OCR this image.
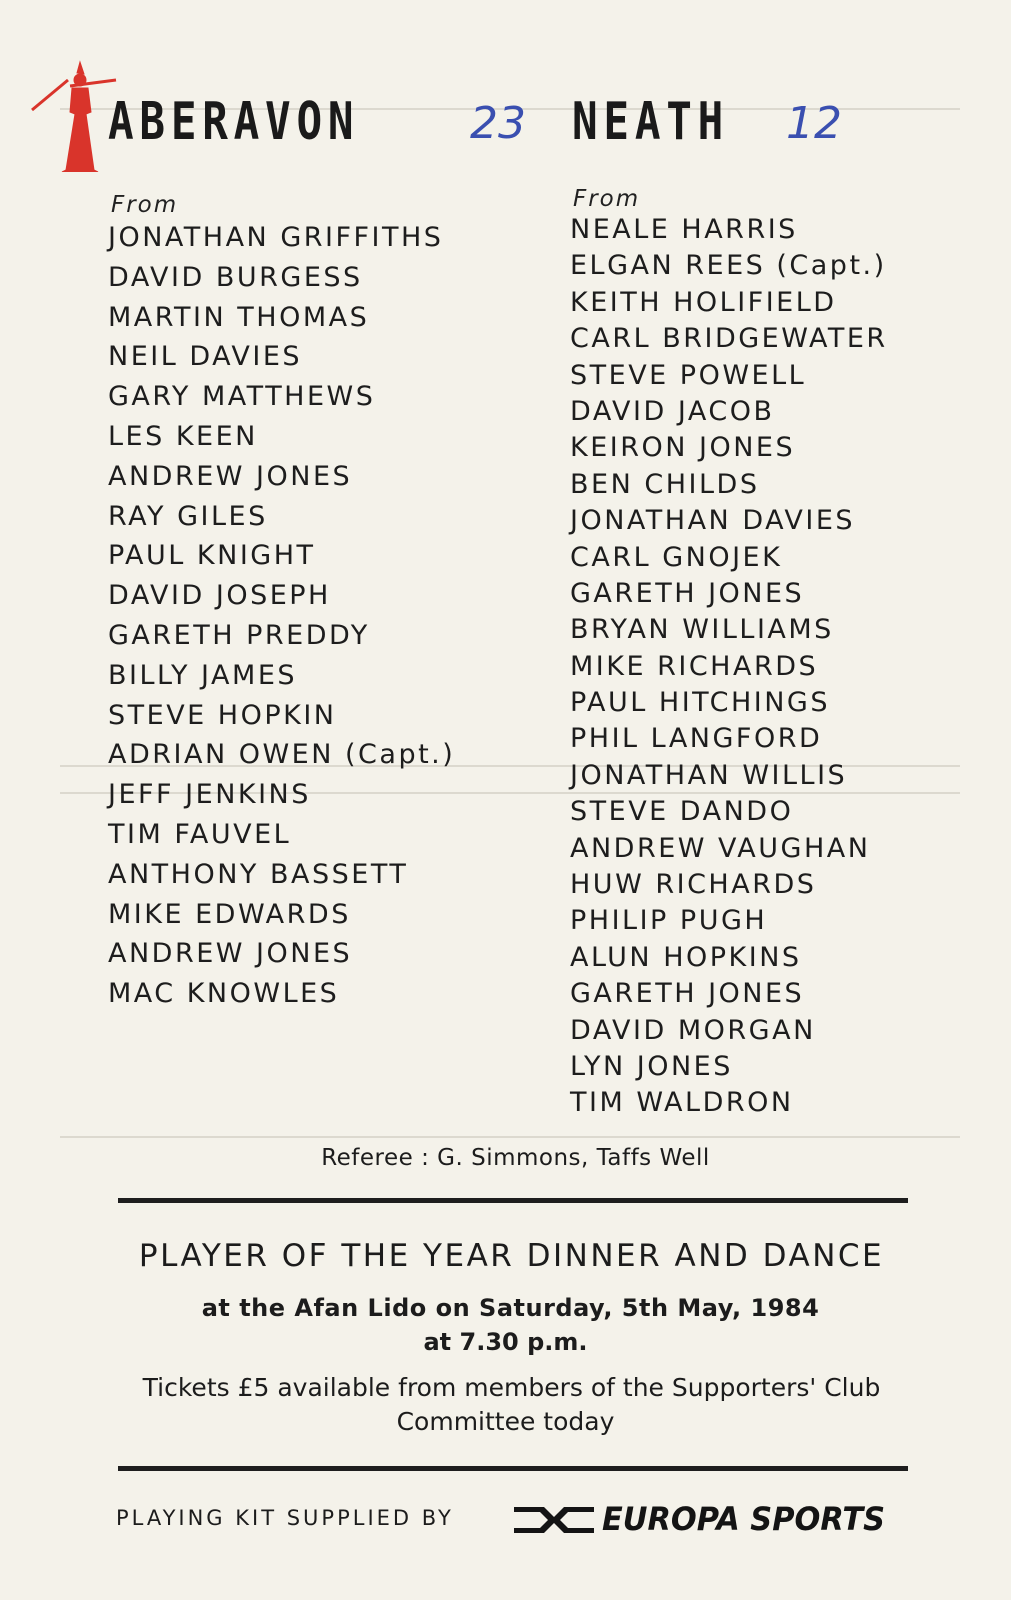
ABERAVON	23 NEATH 12
From
JONATHAN GRIFFITHS
DAVID BURGESS
MARTIN THOMAS
NEIL DAVIES
GARY MATTHEWS
LES KEEN
ANDREW JONES
RAY GILES
PAUL KNIGHT
DAVID JOSEPH
GARETH PREDDY
BILLY JAMES
STEVE HOPKIN
ADRIAN OWEN (Capt.)
JEFF JENKINS
TIM FAUVEL
ANTHONY BASSETT
MIKE EDWARDS
ANDREW JONES
MAC KNOWLES
From
NEALE HARRIS
ELGAN REES (Capt.)
KEITH HOLIFIELD
CARL BRIDGEWATER
STEVE POWELL
DAVID JACOB
KEIRON JONES
BEN CHILDS
JONATHAN DAVIES
CARL GNOJEK
GARETH JONES
BRYAN WILLIAMS
MIKE RICHARDS
PAUL HITCHINGS
PHIL LANGFORD
JONATHAN WILLIS
STEVE DANDO
ANDREW VAUGHAN
HUW RICHARDS
PHILIP PUGH
ALUN HOPKINS
GARETH JONES
DAVID MORGAN
LYN JONES
TIM WALDRON
Referee : G. Simmons, Taffs Well
PLAYER OF THE YEAR DINNER AND DANCE
at the Afan Lido on Saturday, 5th May, 1984
at 7.30 p.m.
Tickets £5 available from members of the Supporters' Club
Committee today
PLAYING KIT SUPPLIED BY	EUROPA SPORTS
